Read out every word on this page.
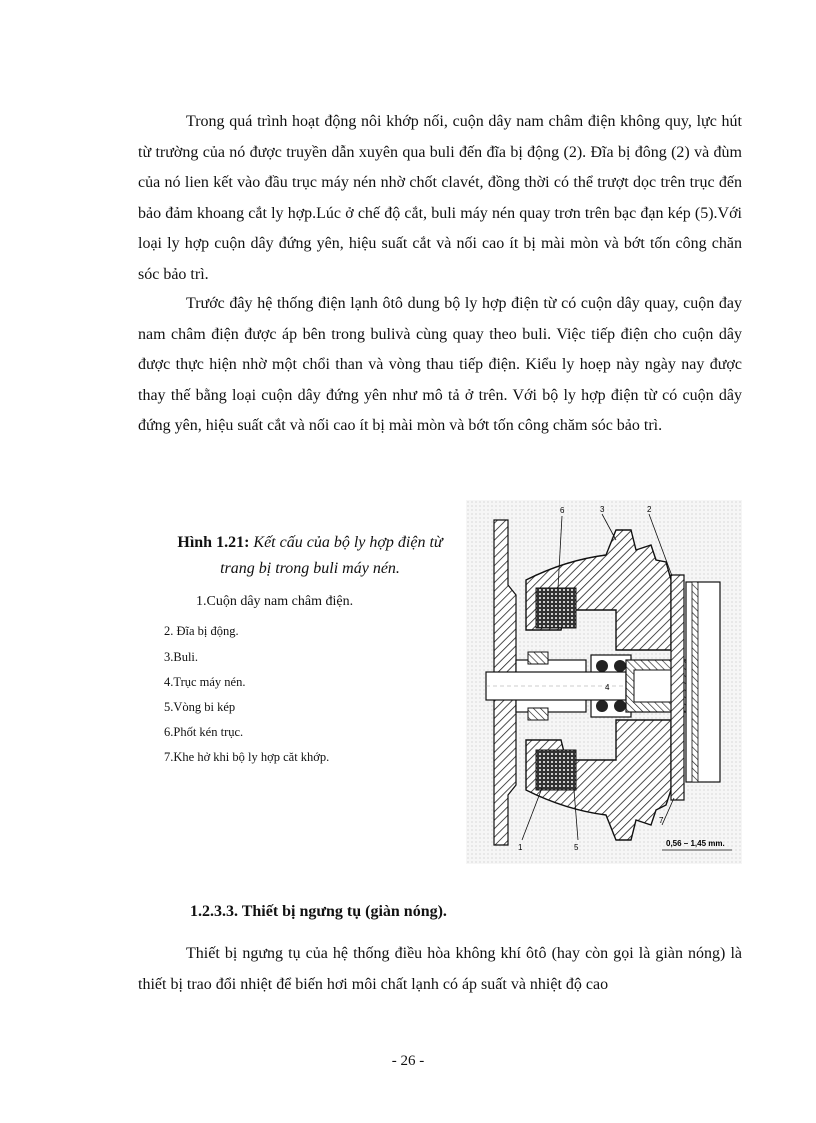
Trong quá trình hoạt động nôi khớp nối, cuộn dây nam châm điện không quy, lực hút từ trường của nó được truyền dẫn xuyên qua buli đến đĩa bị động (2). Đĩa bị đông (2) và đùm của nó lien kết vào đầu trục máy nén nhờ chốt clavét, đồng thời có thể trượt dọc trên trục đến bảo đảm khoang cắt ly hợp.Lúc ở chế độ cắt, buli máy nén quay trơn trên bạc đạn kép (5).Với loại ly hợp cuộn dây đứng yên, hiệu suất cắt và nối cao ít bị mài mòn và bớt tốn công chăn sóc bảo trì.

Trước đây hệ thống điện lạnh ôtô dung bộ ly hợp điện từ có cuộn dây quay, cuộn đay nam châm điện được áp bên trong bulivà cùng quay theo buli. Việc tiếp điện cho cuộn dây được thực hiện nhờ một chổi than và vòng thau tiếp điện. Kiểu ly hoẹp này ngày nay được thay thế bằng loại cuộn dây đứng yên như mô tả ở trên. Với bộ ly hợp điện từ có cuộn dây đứng yên, hiệu suất cắt và nối cao ít bị mài mòn và bớt tốn công chăm sóc bảo trì.

Hình 1.21: Kết cấu của bộ ly hợp điện từ trang bị trong buli máy nén.

1.Cuộn dây nam châm điện.
2. Đĩa bị động.
3.Buli.
4.Trục máy nén.
5.Vòng bi kép
6.Phốt kén trục.
7.Khe hở khi bộ ly hợp căt khớp.
6	3	2
4
1	5
7
0,56 – 1,45 mm.
1.2.3.3. Thiết bị ngưng tụ (giàn nóng).

Thiết bị ngưng tụ của hệ thống điều hòa không khí ôtô (hay còn gọi là giàn nóng) là thiết bị trao đổi nhiệt để biến hơi môi chất lạnh có áp suất và nhiệt độ cao

- 26 -
